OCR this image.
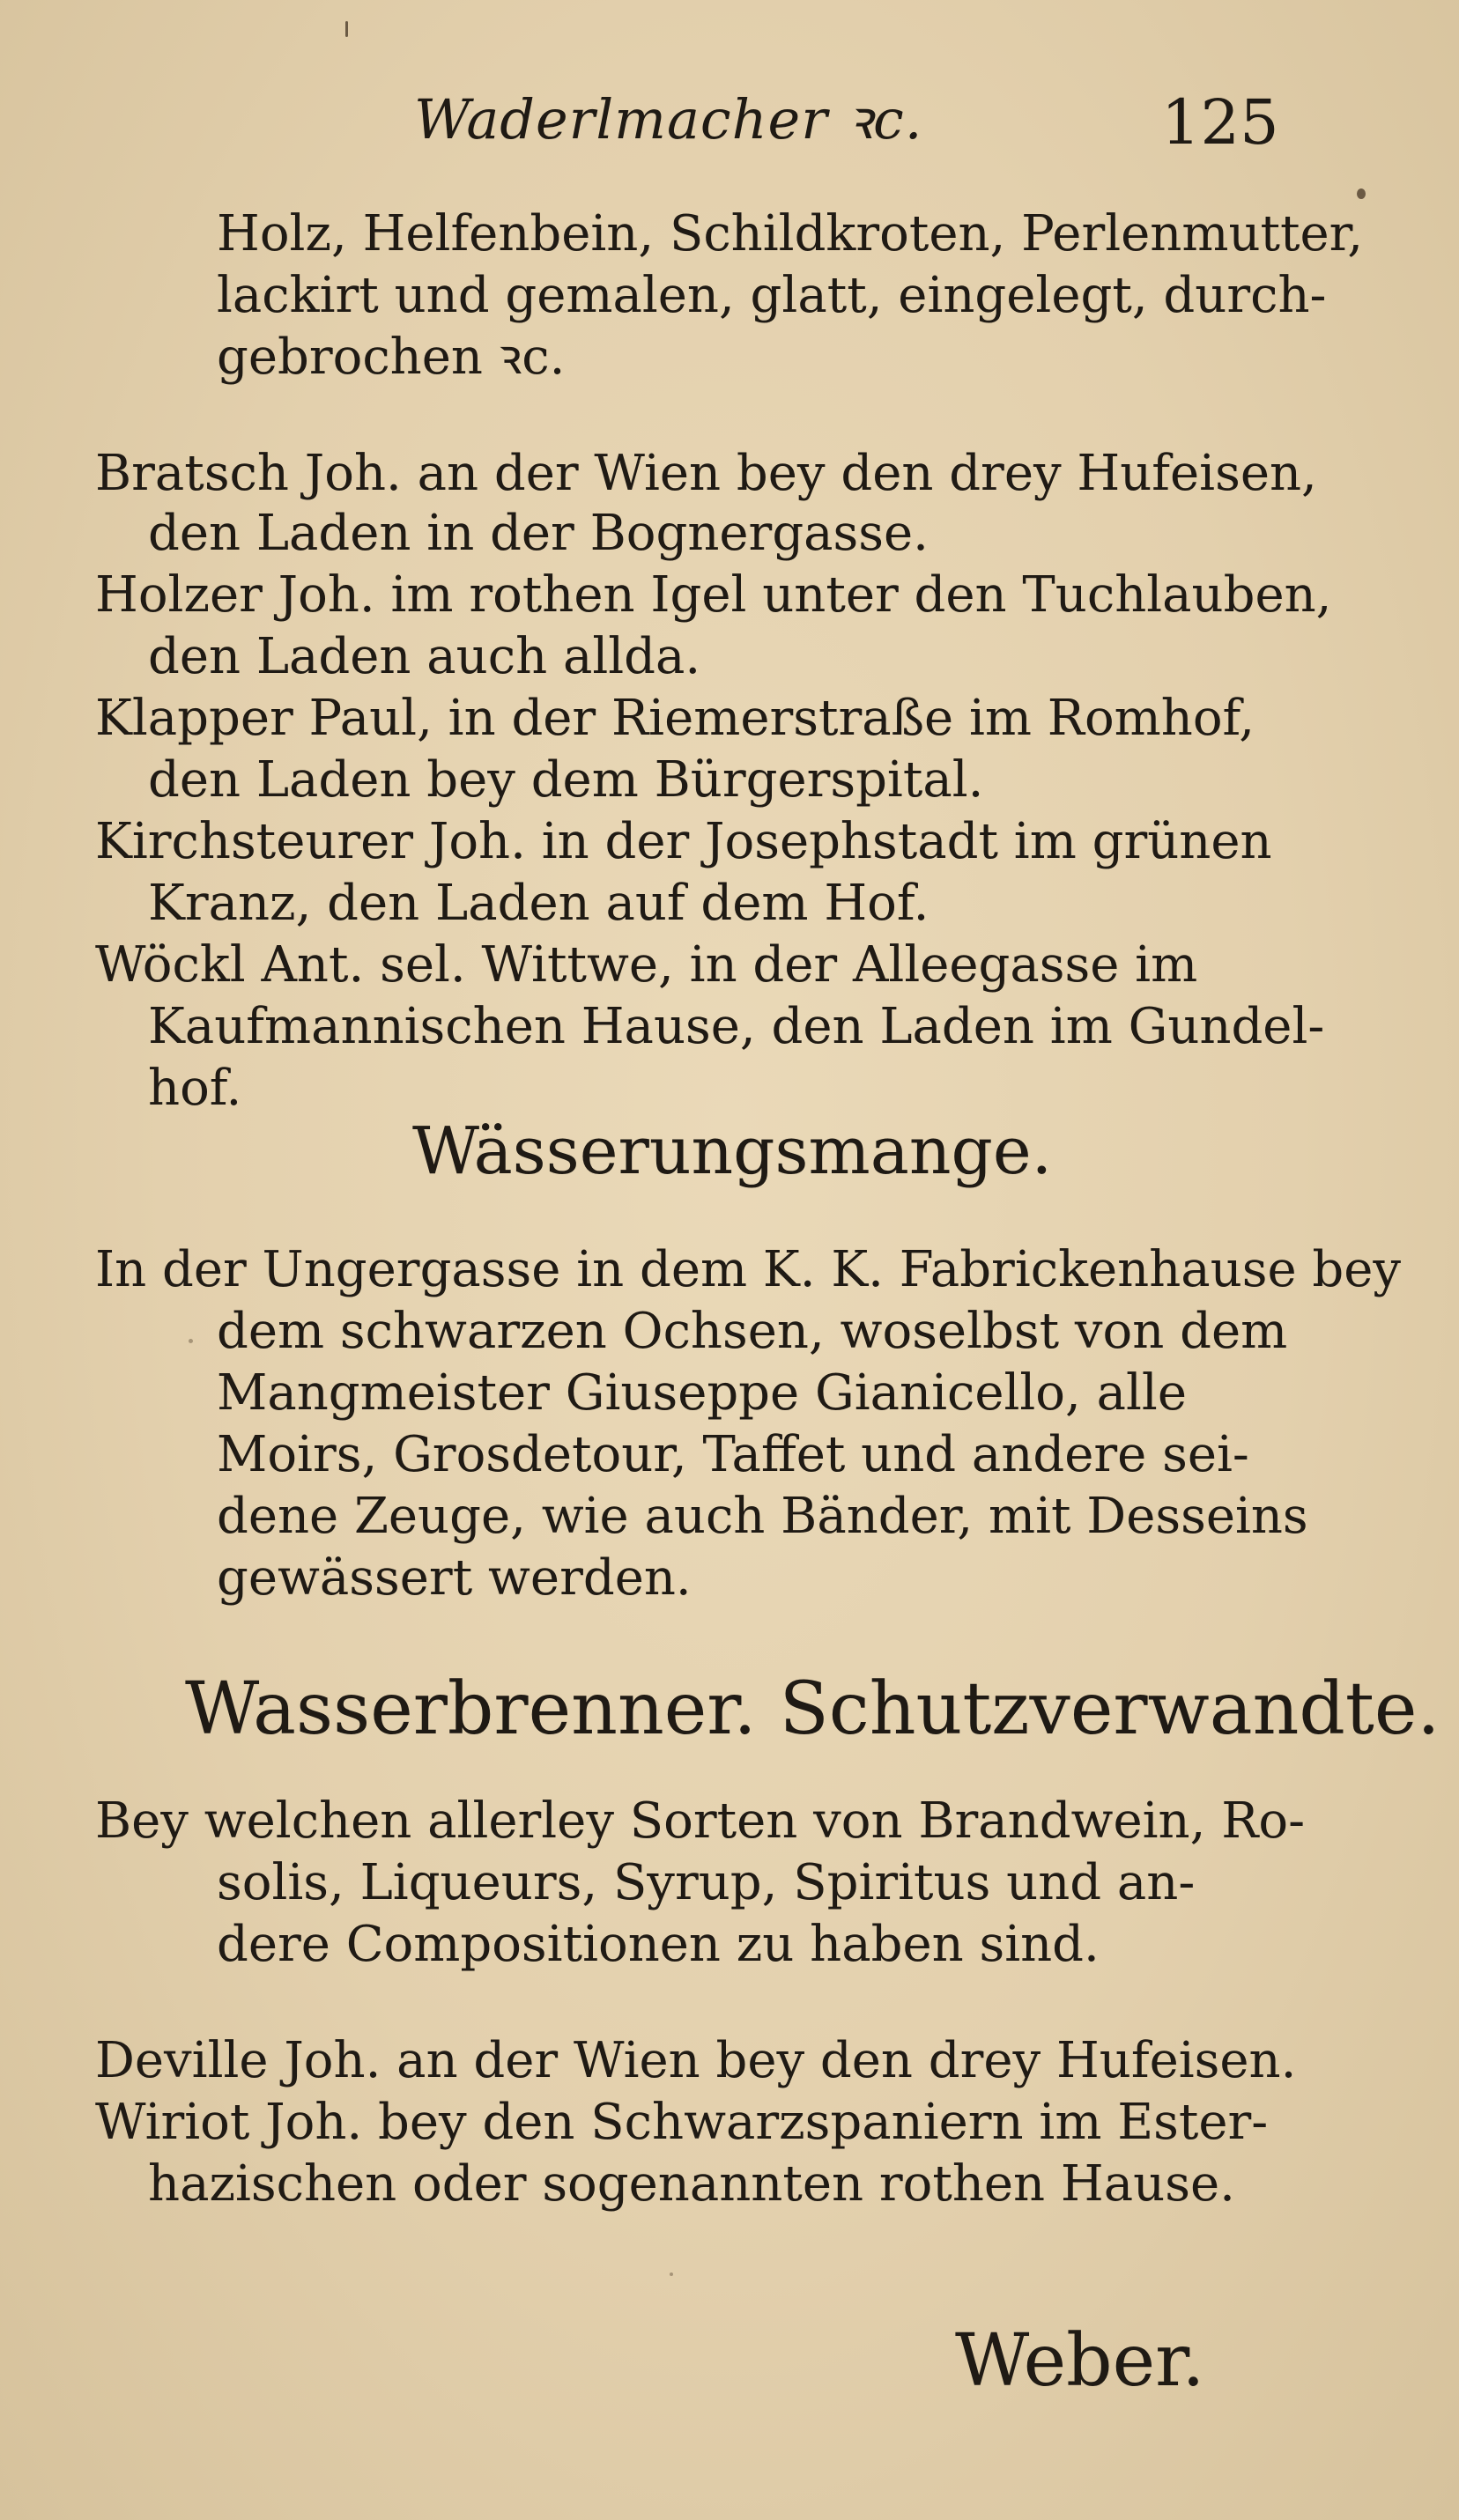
Waderlmacher ꝛc.	125
Holz, Helfenbein, Schildkroten, Perlenmutter,
lackirt und gemalen, glatt, eingelegt, durch-
gebrochen ꝛc.
Bratsch Joh. an der Wien bey den drey Hufeisen,
den Laden in der Bognergasse.
Holzer Joh. im rothen Igel unter den Tuchlauben,
den Laden auch allda.
Klapper Paul, in der Riemerstraße im Romhof,
den Laden bey dem Bürgerspital.
Kirchsteurer Joh. in der Josephstadt im grünen
Kranz, den Laden auf dem Hof.
Wöckl Ant. sel. Wittwe, in der Alleegasse im
Kaufmannischen Hause, den Laden im Gundel-
hof.
Wässerungsmange.
In der Ungergasse in dem K. K. Fabrickenhause bey
dem schwarzen Ochsen, woselbst von dem
Mangmeister Giuseppe Gianicello, alle
Moirs, Grosdetour, Taffet und andere sei-
dene Zeuge, wie auch Bänder, mit Desseins
gewässert werden.
Wasserbrenner. Schutzverwandte.
Bey welchen allerley Sorten von Brandwein, Ro-
solis, Liqueurs, Syrup, Spiritus und an-
dere Compositionen zu haben sind.
Deville Joh. an der Wien bey den drey Hufeisen.
Wiriot Joh. bey den Schwarzspaniern im Ester-
hazischen oder sogenannten rothen Hause.
Weber.
